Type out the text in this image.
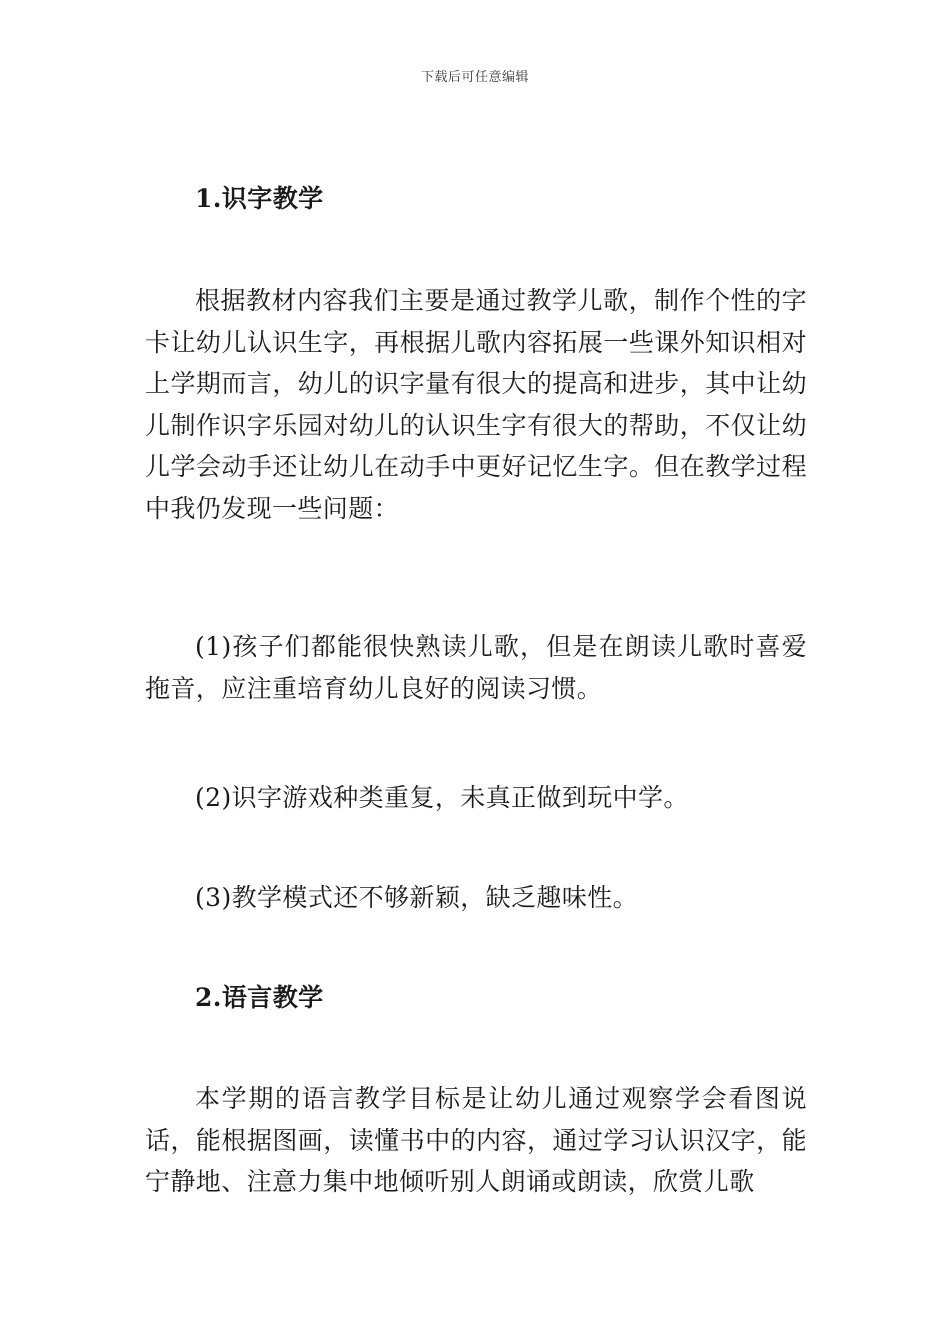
下载后可任意编辑
1.识字教学

根据教材内容我们主要是通过教学儿歌，制作个性的字卡让幼儿认识生字，再根据儿歌内容拓展一些课外知识相对上学期而言，幼儿的识字量有很大的提高和进步，其中让幼儿制作识字乐园对幼儿的认识生字有很大的帮助，不仅让幼儿学会动手还让幼儿在动手中更好记忆生字。但在教学过程中我仍发现一些问题：

(1)孩子们都能很快熟读儿歌，但是在朗读儿歌时喜爱拖音，应注重培育幼儿良好的阅读习惯。

(2)识字游戏种类重复，未真正做到玩中学。

(3)教学模式还不够新颖，缺乏趣味性。

2.语言教学

本学期的语言教学目标是让幼儿通过观察学会看图说话，能根据图画，读懂书中的内容，通过学习认识汉字，能宁静地、注意力集中地倾听别人朗诵或朗读，欣赏儿歌
